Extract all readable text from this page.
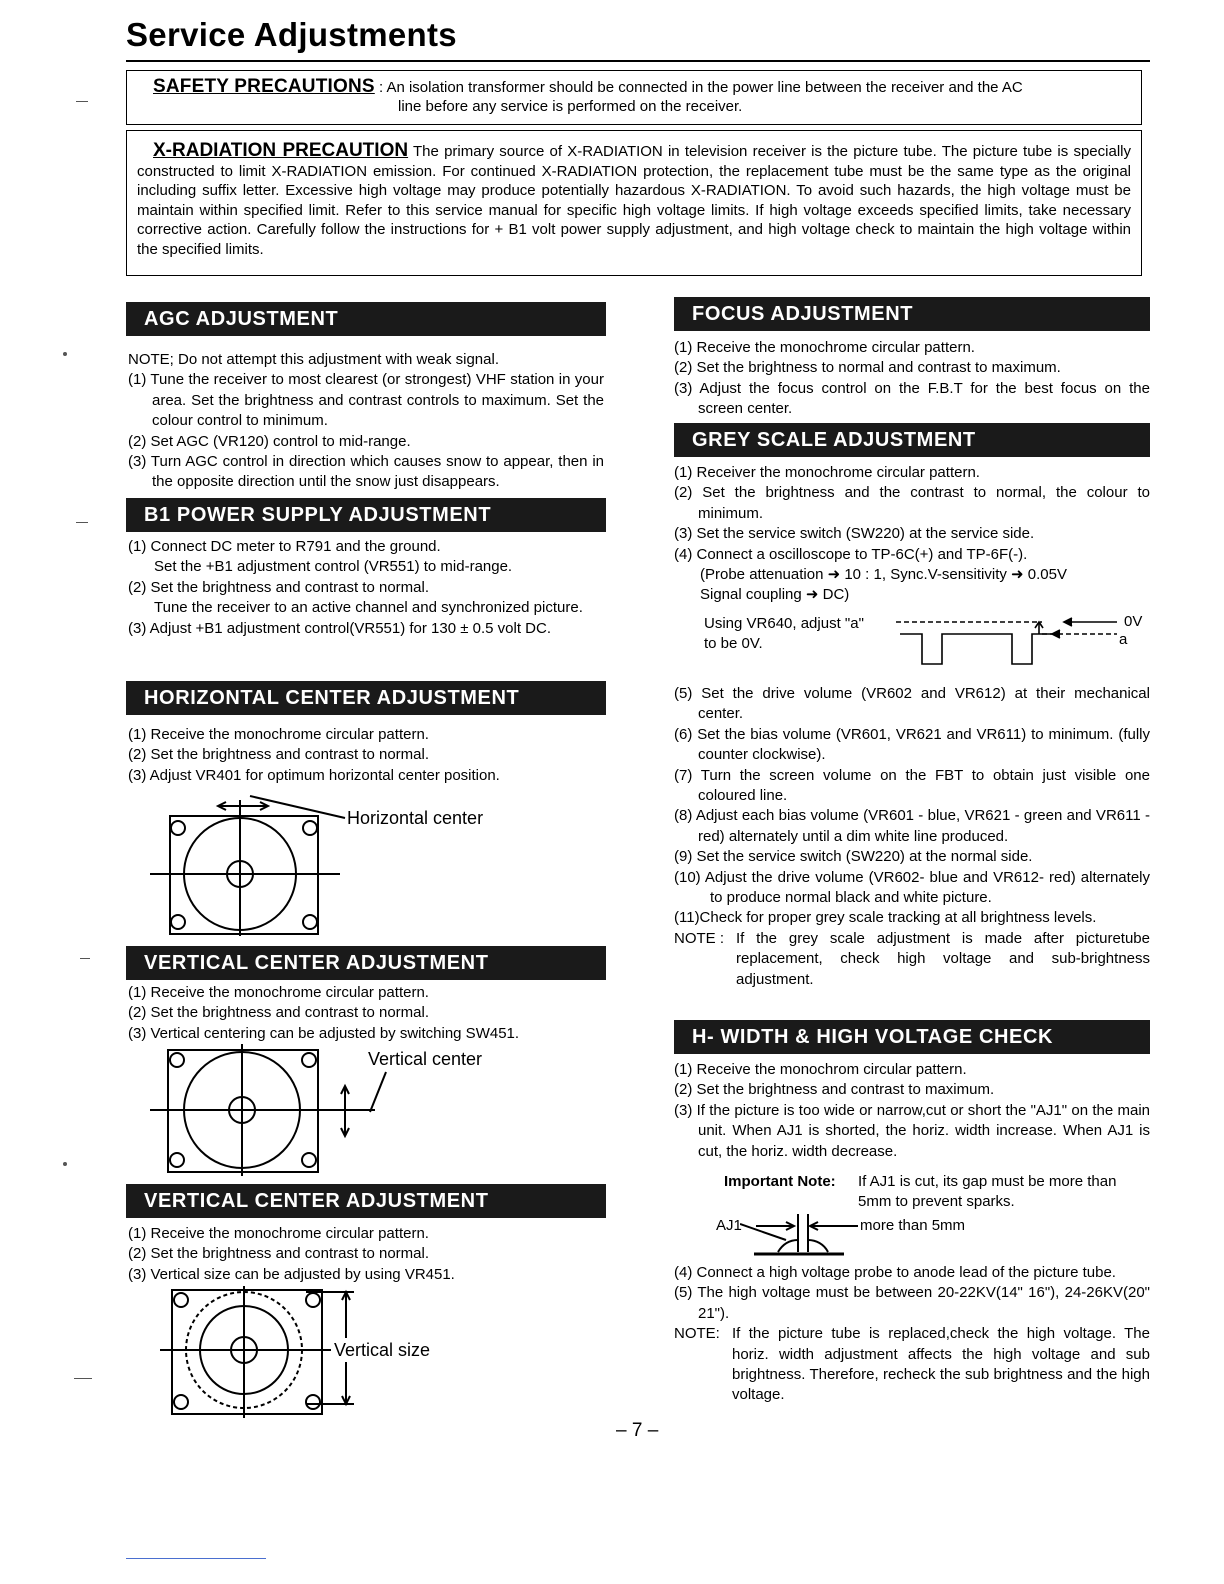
Service Adjustments
SAFETY PRECAUTIONS : An isolation transformer should be connected in the power line between the receiver and the AC
line before any service is performed on the receiver.
X-RADIATION PRECAUTION The primary source of X-RADIATION in television receiver is the picture tube. The picture tube is specially constructed to limit X-RADIATION emission. For continued X-RADIATION protection, the replacement tube must be the same type as the original including suffix letter. Excessive high voltage may produce potentially hazardous X-RADIATION. To avoid such hazards, the high voltage must be maintain within specified limit. Refer to this service manual for specific high voltage limits. If high voltage exceeds specified limits, take necessary corrective action. Carefully follow the instructions for + B1 volt power supply adjustment, and high voltage check to maintain the high voltage within the specified limits.
AGC ADJUSTMENT

NOTE; Do not attempt this adjustment with weak signal.

(1) Tune the receiver to most clearest (or strongest) VHF station in your area. Set the brightness and contrast controls to maximum. Set the colour control to minimum.

(2) Set AGC (VR120) control to mid-range.

(3) Turn AGC control in direction which causes snow to appear, then in the opposite direction until the snow just disappears.

B1 POWER SUPPLY ADJUSTMENT

(1) Connect DC meter to R791 and the ground.

Set the +B1 adjustment control (VR551) to mid-range.

(2) Set the brightness and contrast to normal.

Tune the receiver to an active channel and synchronized picture.

(3) Adjust +B1 adjustment control(VR551) for 130 ± 0.5 volt DC.

HORIZONTAL CENTER ADJUSTMENT

(1) Receive the monochrome circular pattern.

(2) Set the brightness and contrast to normal.

(3) Adjust VR401 for optimum horizontal center position.

Horizontal center
VERTICAL CENTER ADJUSTMENT

(1) Receive the monochrome circular pattern.

(2) Set the brightness and contrast to normal.

(3) Vertical centering can be adjusted by switching SW451.

Vertical center
VERTICAL CENTER ADJUSTMENT

(1) Receive the monochrome circular pattern.

(2) Set the brightness and contrast to normal.

(3) Vertical size can be adjusted by using VR451.

Vertical size
FOCUS ADJUSTMENT

(1) Receive the monochrome circular pattern.

(2) Set the brightness to normal and contrast to maximum.

(3) Adjust the focus control on the F.B.T for the best focus on the screen center.

GREY SCALE ADJUSTMENT

(1) Receiver the monochrome circular pattern.

(2) Set the brightness and the contrast to normal, the colour to minimum.

(3) Set the service switch (SW220) at the service side.

(4) Connect a oscilloscope to TP-6C(+) and TP-6F(-).

(Probe attenuation ➜ 10 : 1, Sync.V-sensitivity ➜ 0.05V

Signal coupling ➜ DC)

Using VR640, adjust "a"
to be 0V.
0V
a

(5) Set the drive volume (VR602 and VR612) at their mechanical center.

(6) Set the bias volume (VR601, VR621 and VR611) to minimum. (fully counter clockwise).

(7) Turn the screen volume on the FBT to obtain just visible one coloured line.

(8) Adjust each bias volume (VR601 - blue, VR621 - green and VR611 - red) alternately until a dim white line produced.

(9) Set the service switch (SW220) at the normal side.

(10) Adjust the drive volume (VR602- blue and VR612- red) alternately to produce normal black and white picture.

(11)Check for proper grey scale tracking at all brightness levels.

NOTE : If the grey scale adjustment is made after picturetube replacement, check high voltage and sub-brightness adjustment.
H- WIDTH & HIGH VOLTAGE CHECK

(1) Receive the monochrom circular pattern.

(2) Set the brightness and contrast to maximum.

(3) If the picture is too wide or narrow,cut or short the "AJ1" on the main unit. When AJ1 is shorted, the horiz. width increase. When AJ1 is cut, the horiz. width decrease.

Important Note:	If AJ1 is cut, its gap must be more than 5mm to prevent sparks.
AJ1	more than 5mm

(4) Connect a high voltage probe to anode lead of the picture tube.

(5) The high voltage must be between 20-22KV(14" 16"), 24-26KV(20" 21").

NOTE: If the picture tube is replaced,check the high voltage. The horiz. width adjustment affects the high voltage and sub brightness. Therefore, recheck the sub brightness and the high voltage.
– 7 –
